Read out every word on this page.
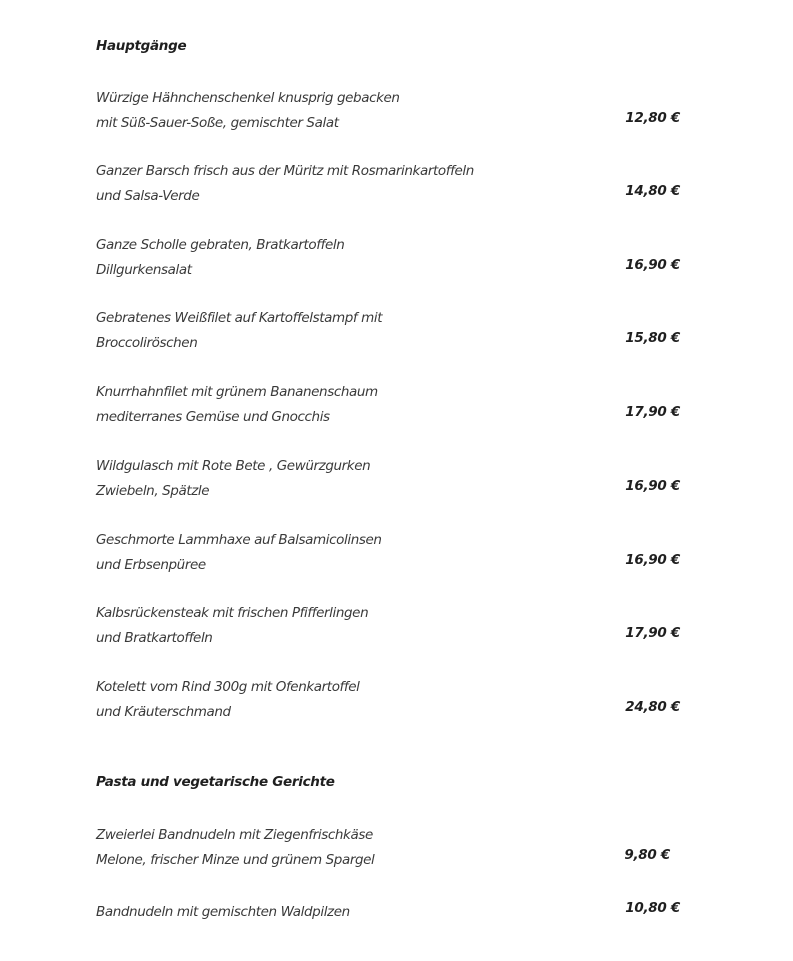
Hauptgänge
Würzige Hähnchenschenkel knusprig gebacken
mit Süß-Sauer-Soße, gemischter Salat	12,80 €
Ganzer Barsch frisch aus der Müritz mit Rosmarinkartoffeln
und Salsa-Verde	14,80 €
Ganze Scholle gebraten, Bratkartoffeln
Dillgurkensalat	16,90 €
Gebratenes Weißfilet auf Kartoffelstampf mit
Broccoliröschen	15,80 €
Knurrhahnfilet mit grünem Bananenschaum
mediterranes Gemüse und Gnocchis	17,90 €
Wildgulasch mit Rote Bete , Gewürzgurken
Zwiebeln, Spätzle	16,90 €
Geschmorte Lammhaxe auf Balsamicolinsen
und Erbsenpüree	16,90 €
Kalbsrückensteak mit frischen Pfifferlingen
und Bratkartoffeln	17,90 €
Kotelett vom Rind 300g mit Ofenkartoffel
und Kräuterschmand	24,80 €
Pasta und vegetarische Gerichte
Zweierlei Bandnudeln mit Ziegenfrischkäse
Melone, frischer Minze und grünem Spargel	9,80 €
Bandnudeln mit gemischten Waldpilzen	10,80 €
